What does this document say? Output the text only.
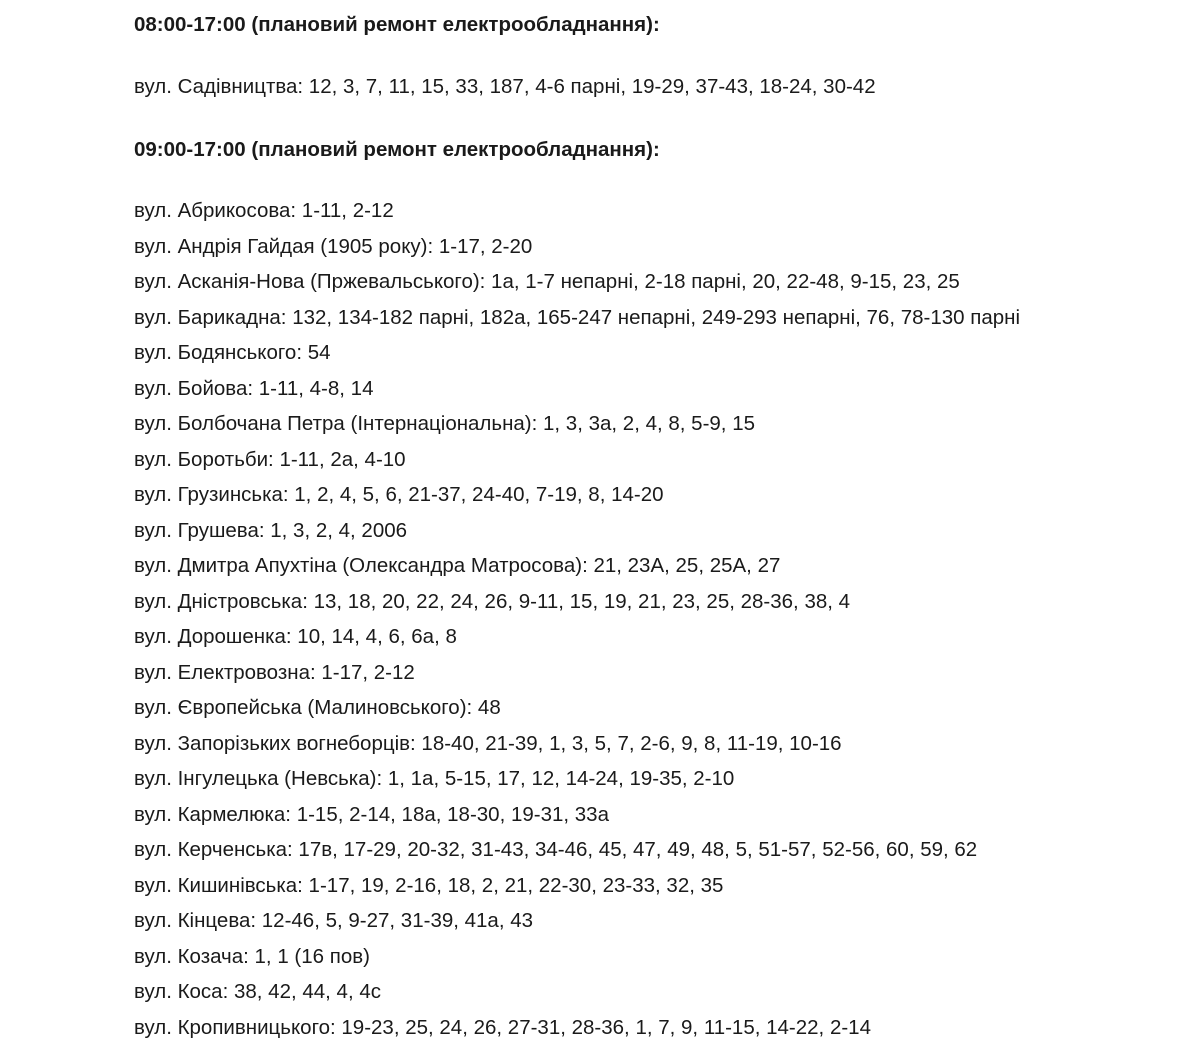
08:00-17:00 (плановий ремонт електрообладнання):

вул. Садівництва: 12, 3, 7, 11, 15, 33, 187, 4-6 парні, 19-29, 37-43, 18-24, 30-42

09:00-17:00 (плановий ремонт електрообладнання):

вул. Абрикосова: 1-11, 2-12
вул. Андрія Гайдая (1905 року): 1-17, 2-20
вул. Асканія-Нова (Пржевальського): 1а, 1-7 непарні, 2-18 парні, 20, 22-48, 9-15, 23, 25
вул. Барикадна: 132, 134-182 парні, 182а, 165-247 непарні, 249-293 непарні, 76, 78-130 парні
вул. Бодянського: 54
вул. Бойова: 1-11, 4-8, 14
вул. Болбочана Петра (Інтернаціональна): 1, 3, 3а, 2, 4, 8, 5-9, 15
вул. Боротьби: 1-11, 2а, 4-10
вул. Грузинська: 1, 2, 4, 5, 6, 21-37, 24-40, 7-19, 8, 14-20
вул. Грушева: 1, 3, 2, 4, 2006
вул. Дмитра Апухтіна (Олександра Матросова): 21, 23А, 25, 25А, 27
вул. Дністровська: 13, 18, 20, 22, 24, 26, 9-11, 15, 19, 21, 23, 25, 28-36, 38, 4
вул. Дорошенка: 10, 14, 4, 6, 6а, 8
вул. Електровозна: 1-17, 2-12
вул. Європейська (Малиновського): 48
вул. Запорізьких вогнеборців: 18-40, 21-39, 1, 3, 5, 7, 2-6, 9, 8, 11-19, 10-16
вул. Інгулецька (Невська): 1, 1а, 5-15, 17, 12, 14-24, 19-35, 2-10
вул. Кармелюка: 1-15, 2-14, 18а, 18-30, 19-31, 33а
вул. Керченська: 17в, 17-29, 20-32, 31-43, 34-46, 45, 47, 49, 48, 5, 51-57, 52-56, 60, 59, 62
вул. Кишинівська: 1-17, 19, 2-16, 18, 2, 21, 22-30, 23-33, 32, 35
вул. Кінцева: 12-46, 5, 9-27, 31-39, 41а, 43
вул. Козача: 1, 1 (16 пов)
вул. Коса: 38, 42, 44, 4, 4с
вул. Кропивницького: 19-23, 25, 24, 26, 27-31, 28-36, 1, 7, 9, 11-15, 14-22, 2-14
